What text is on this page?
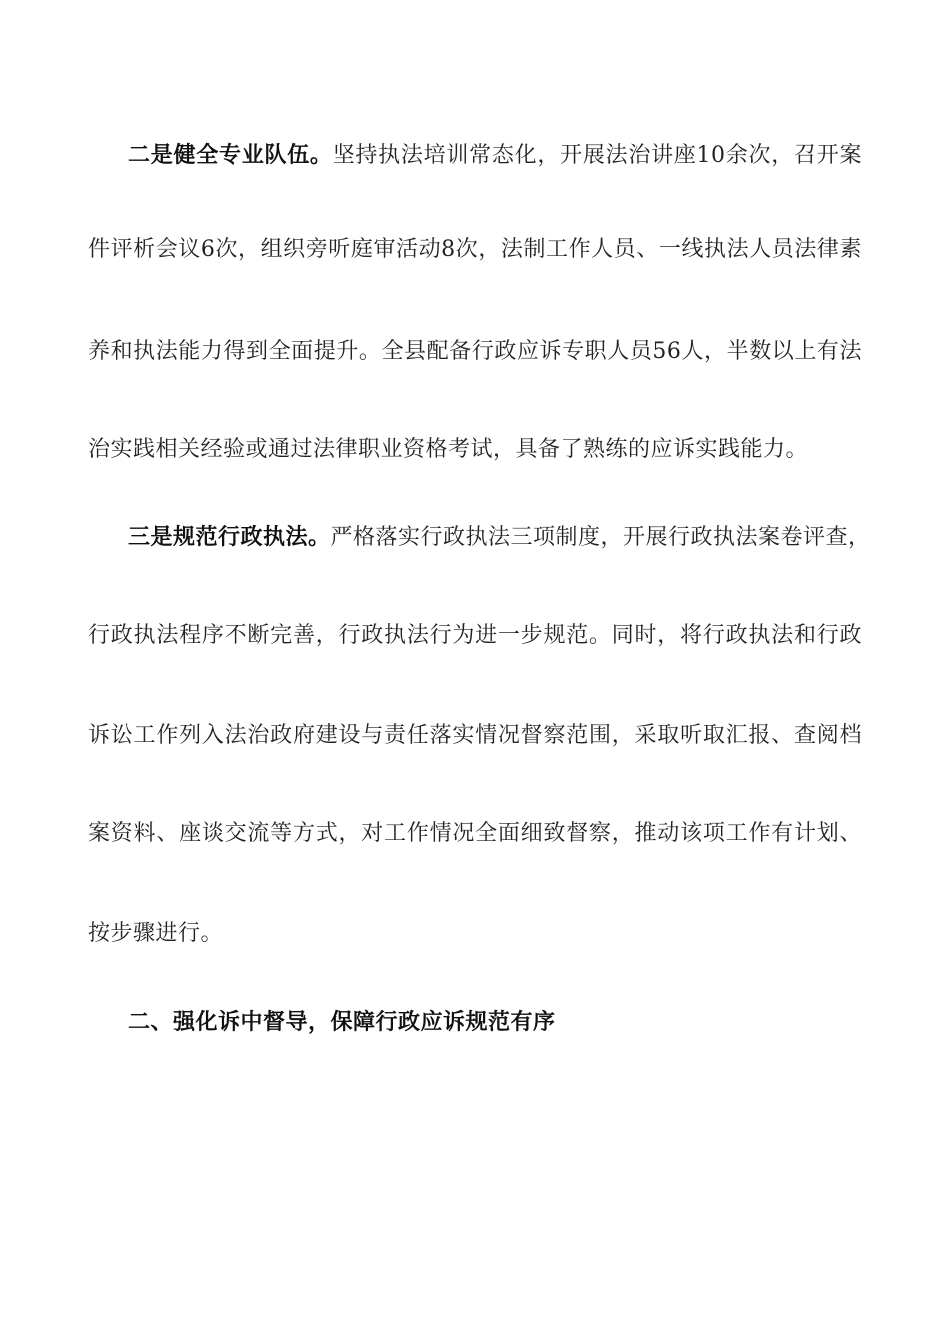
二是健全专业队伍。坚持执法培训常态化，开展法治讲座10余次，召开案
件评析会议6次，组织旁听庭审活动8次，法制工作人员、一线执法人员法律素
养和执法能力得到全面提升。全县配备行政应诉专职人员56人，半数以上有法
治实践相关经验或通过法律职业资格考试，具备了熟练的应诉实践能力。
三是规范行政执法。严格落实行政执法三项制度，开展行政执法案卷评查，
行政执法程序不断完善，行政执法行为进一步规范。同时，将行政执法和行政
诉讼工作列入法治政府建设与责任落实情况督察范围，采取听取汇报、查阅档
案资料、座谈交流等方式，对工作情况全面细致督察，推动该项工作有计划、
按步骤进行。
二、强化诉中督导，保障行政应诉规范有序
